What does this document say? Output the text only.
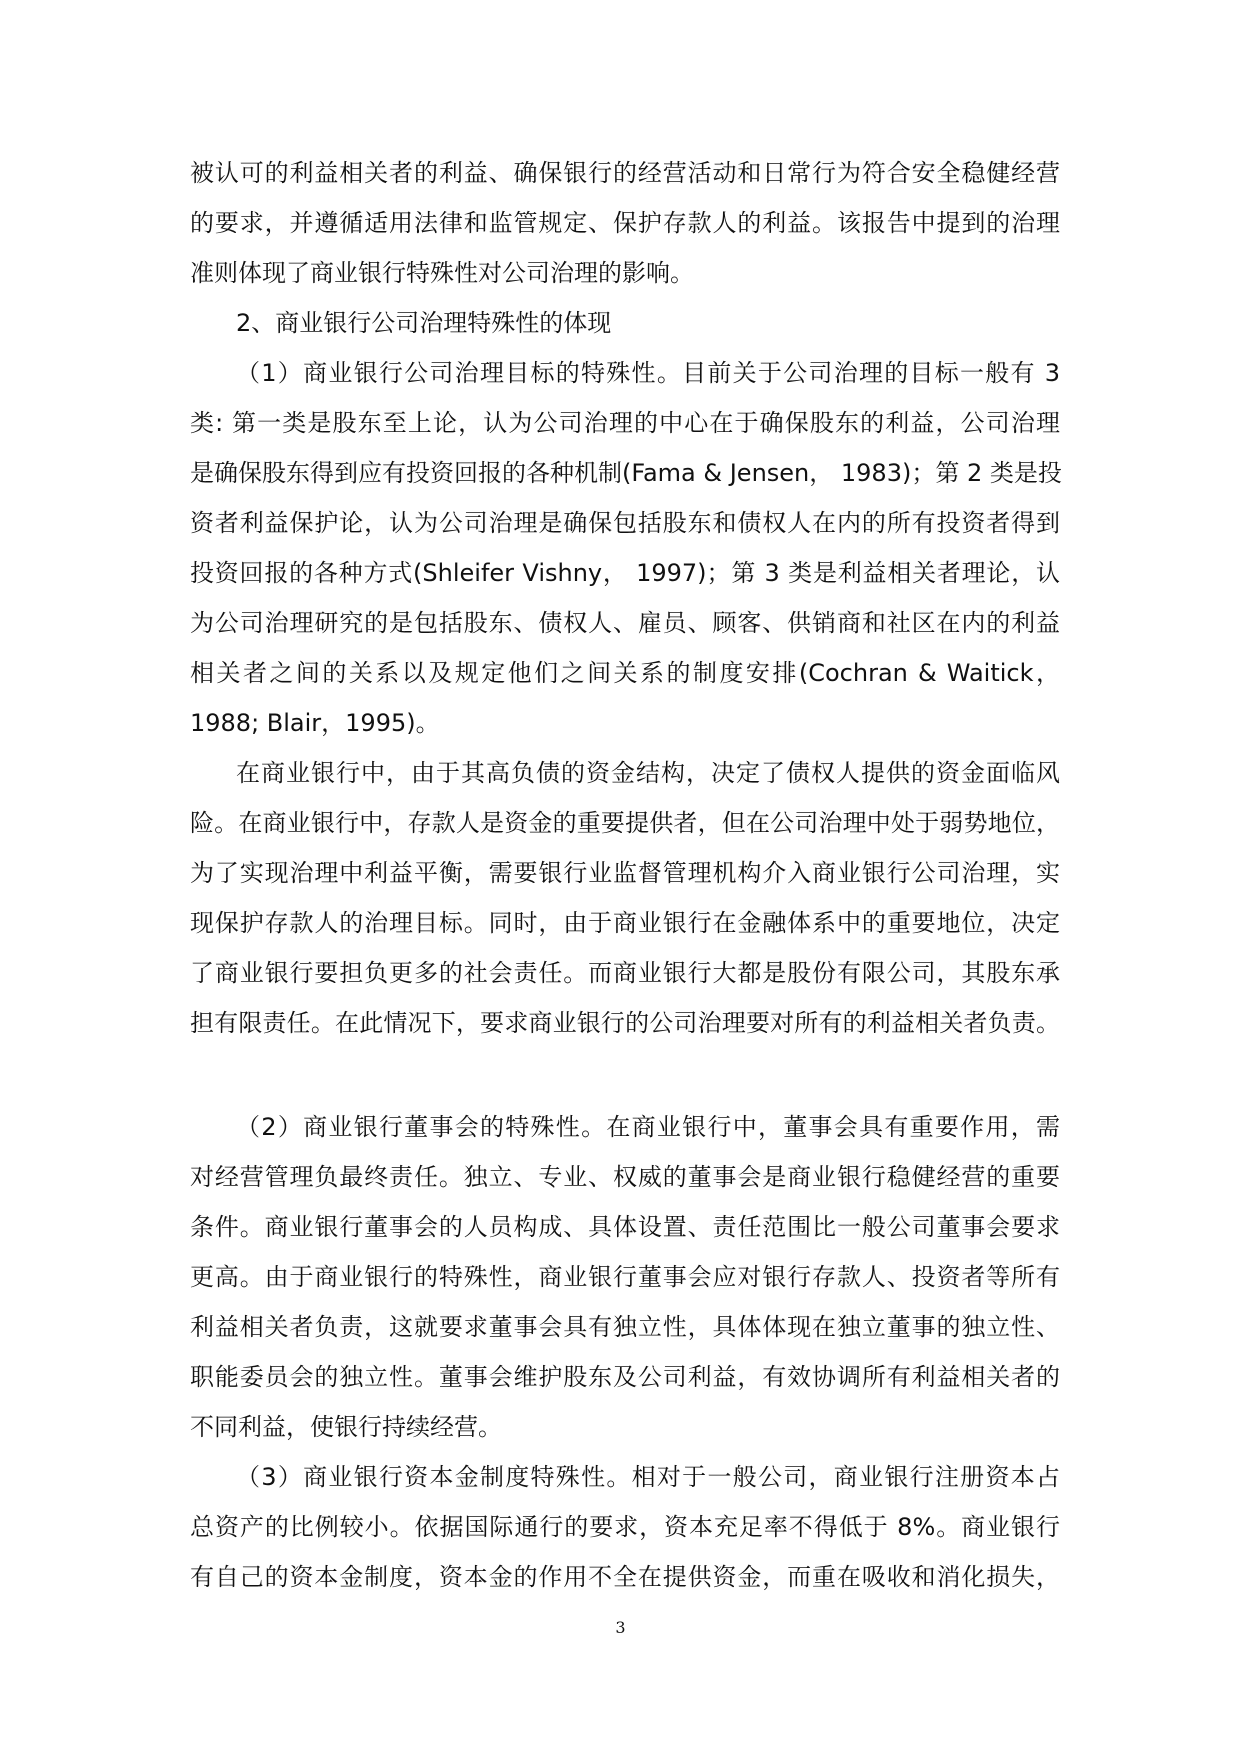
被认可的利益相关者的利益、确保银行的经营活动和日常行为符合安全稳健经营
的要求，并遵循适用法律和监管规定、保护存款人的利益。该报告中提到的治理
准则体现了商业银行特殊性对公司治理的影响。
2、商业银行公司治理特殊性的体现
（1）商业银行公司治理目标的特殊性。目前关于公司治理的目标一般有 3
类: 第一类是股东至上论，认为公司治理的中心在于确保股东的利益，公司治理
是确保股东得到应有投资回报的各种机制(Fama & Jensen， 1983)；第 2 类是投
资者利益保护论，认为公司治理是确保包括股东和债权人在内的所有投资者得到
投资回报的各种方式(Shleifer Vishny， 1997)；第 3 类是利益相关者理论，认
为公司治理研究的是包括股东、债权人、雇员、顾客、供销商和社区在内的利益
相关者之间的关系以及规定他们之间关系的制度安排(Cochran & Waitick，
1988; Blair，1995)。
在商业银行中，由于其高负债的资金结构，决定了债权人提供的资金面临风
险。在商业银行中，存款人是资金的重要提供者，但在公司治理中处于弱势地位，
为了实现治理中利益平衡，需要银行业监督管理机构介入商业银行公司治理，实
现保护存款人的治理目标。同时，由于商业银行在金融体系中的重要地位，决定
了商业银行要担负更多的社会责任。而商业银行大都是股份有限公司，其股东承
担有限责任。在此情况下，要求商业银行的公司治理要对所有的利益相关者负责。
（2）商业银行董事会的特殊性。在商业银行中，董事会具有重要作用，需
对经营管理负最终责任。独立、专业、权威的董事会是商业银行稳健经营的重要
条件。商业银行董事会的人员构成、具体设置、责任范围比一般公司董事会要求
更高。由于商业银行的特殊性，商业银行董事会应对银行存款人、投资者等所有
利益相关者负责，这就要求董事会具有独立性，具体体现在独立董事的独立性、
职能委员会的独立性。董事会维护股东及公司利益，有效协调所有利益相关者的
不同利益，使银行持续经营。
（3）商业银行资本金制度特殊性。相对于一般公司，商业银行注册资本占
总资产的比例较小。依据国际通行的要求，资本充足率不得低于 8%。商业银行
有自己的资本金制度，资本金的作用不全在提供资金，而重在吸收和消化损失，
3
